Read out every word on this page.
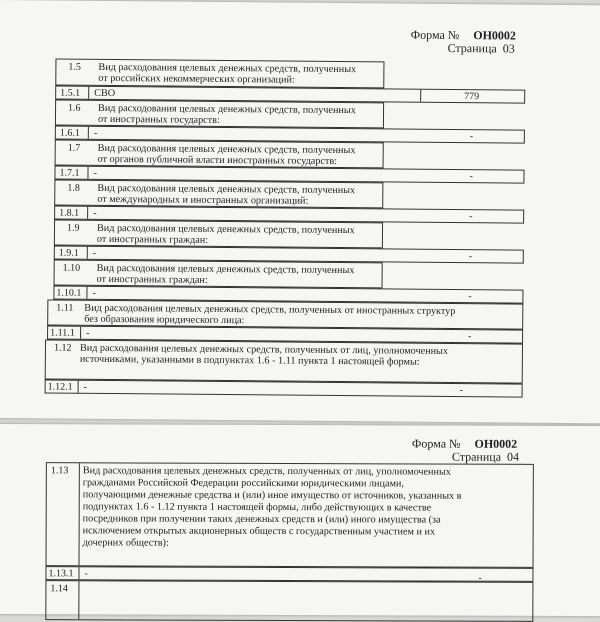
Форма № ОН0002
Страница 03
1.5 Вид расходования целевых денежных средств, полученных
от российских некоммерческих организаций:
1.5.1 СВО	779
1.6 Вид расходования целевых денежных средств, полученных
от иностранных государств:
1.6.1 -	-
1.7 Вид расходования целевых денежных средств, полученных
от органов публичной власти иностранных государств:
1.7.1 -	-
1.8 Вид расходования целевых денежных средств, полученных
от международных и иностранных организаций:
1.8.1 -	-
1.9 Вид расходования целевых денежных средств, полученных
от иностранных граждан:
1.9.1 -	-
1.10 Вид расходования целевых денежных средств, полученных
от иностранных граждан:
1.10.1 -	-
1.11 Вид расходования целевых денежных средств, полученных от иностранных структур
без образования юридического лица:
1.11.1 -	-
1.12 Вид расходования целевых денежных средств, полученных от лиц, уполномоченных
источниками, указанными в подпунктах 1.6 - 1.11 пункта 1 настоящей формы:
1.12.1 -	-
Форма № ОН0002
Страница 04
1.13 Вид расходования целевых денежных средств, полученных от лиц, уполномоченных
гражданами Российской Федерации российскими юридическими лицами,
получающими денежные средства и (или) иное имущество от источников, указанных в
подпунктах 1.6 - 1.12 пункта 1 настоящей формы, либо действующих в качестве
посредников при получении таких денежных средств и (или) иного имущества (за
исключением открытых акционерных обществ с государственным участием и их
дочерних обществ):
1.13.1 -	-
1.14
